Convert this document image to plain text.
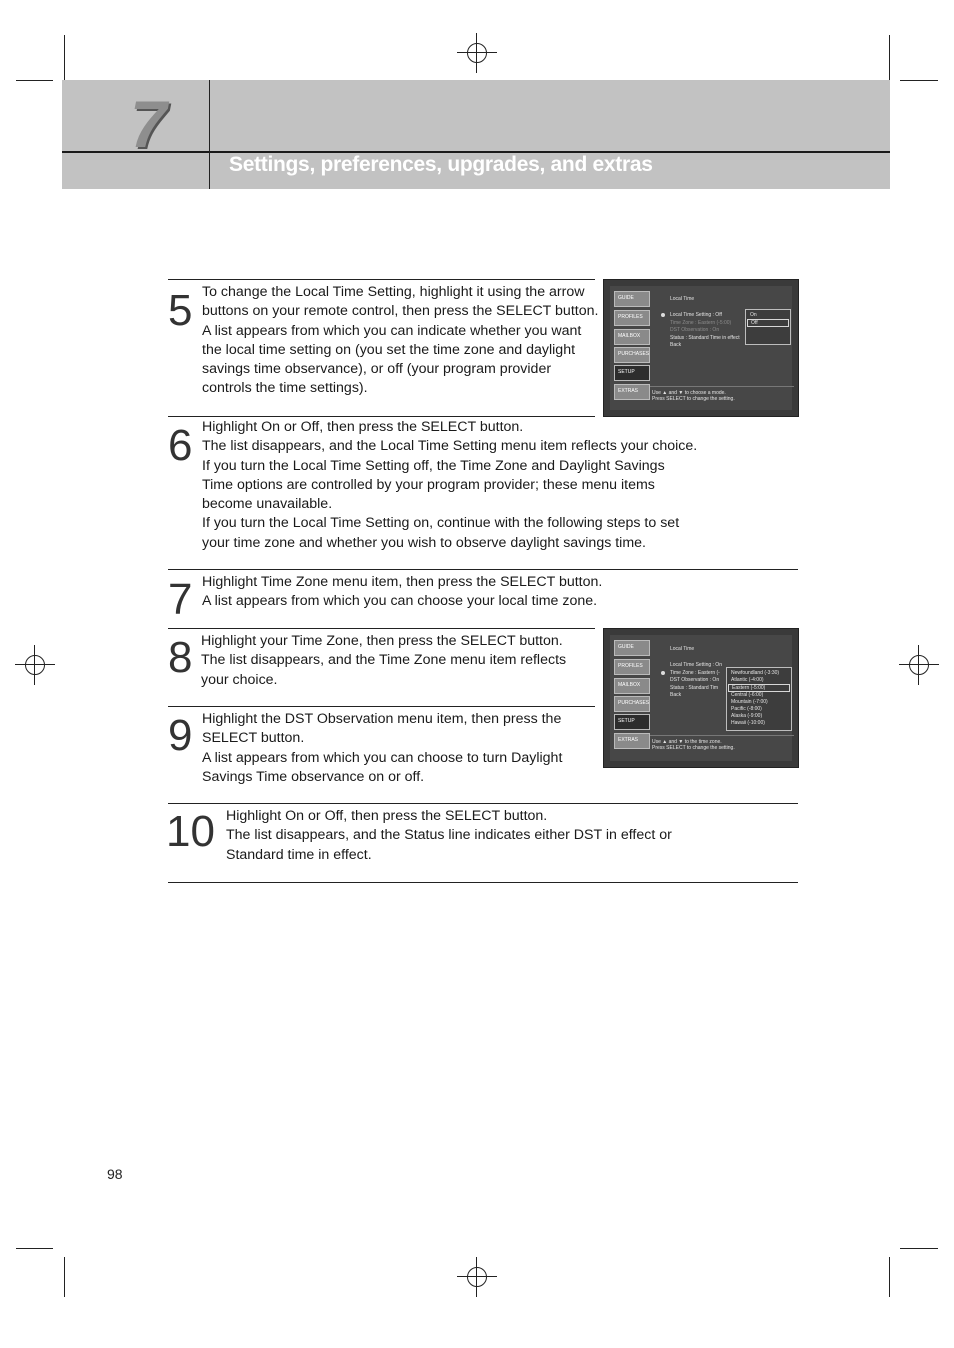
7
Settings, preferences, upgrades, and extras
5 To change the Local Time Setting, highlight it using the arrow
buttons on your remote control, then press the SELECT button.
A list appears from which you can indicate whether you want
the local time setting on (you set the time zone and daylight
savings time observance), or off (your program provider
controls the time settings).
6 Highlight On or Off, then press the SELECT button.
The list disappears, and the Local Time Setting menu item reflects your choice.
If you turn the Local Time Setting off, the Time Zone and Daylight Savings
Time options are controlled by your program provider; these menu items
become unavailable.
If you turn the Local Time Setting on, continue with the following steps to set
your time zone and whether you wish to observe daylight savings time.
7 Highlight Time Zone menu item, then press the SELECT button.
A list appears from which you can choose your local time zone.
8 Highlight your Time Zone, then press the SELECT button.
The list disappears, and the Time Zone menu item reflects
your choice.
9 Highlight the DST Observation menu item, then press the
SELECT button.
A list appears from which you can choose to turn Daylight
Savings Time observance on or off.
10 Highlight On or Off, then press the SELECT button.
The list disappears, and the Status line indicates either DST in effect or
Standard time in effect.
GUIDE
PROFILES
MAILBOX
PURCHASES
SETUP
EXTRAS
Local Time
Local Time Setting : Off
Time Zone : Eastern (-5:00)
DST Observation : On
Status : Standard Time in effect
Back
On
Off
Use ▲ and ▼ to choose a mode.
Press SELECT to change the setting.
GUIDE
PROFILES
MAILBOX
PURCHASES
SETUP
EXTRAS
Local Time
Local Time Setting : On
Time Zone : Eastern (-
DST Observation : On
Status : Standard Tim
Back
Newfoundland (-3:30)
Atlantic (-4:00)
Eastern (-5:00)
Central (-6:00)
Mountain (-7:00)
Pacific (-8:00)
Alaska (-9:00)
Hawaii (-10:00)
Use ▲ and ▼ to the time zone.
Press SELECT to change the setting.
98
